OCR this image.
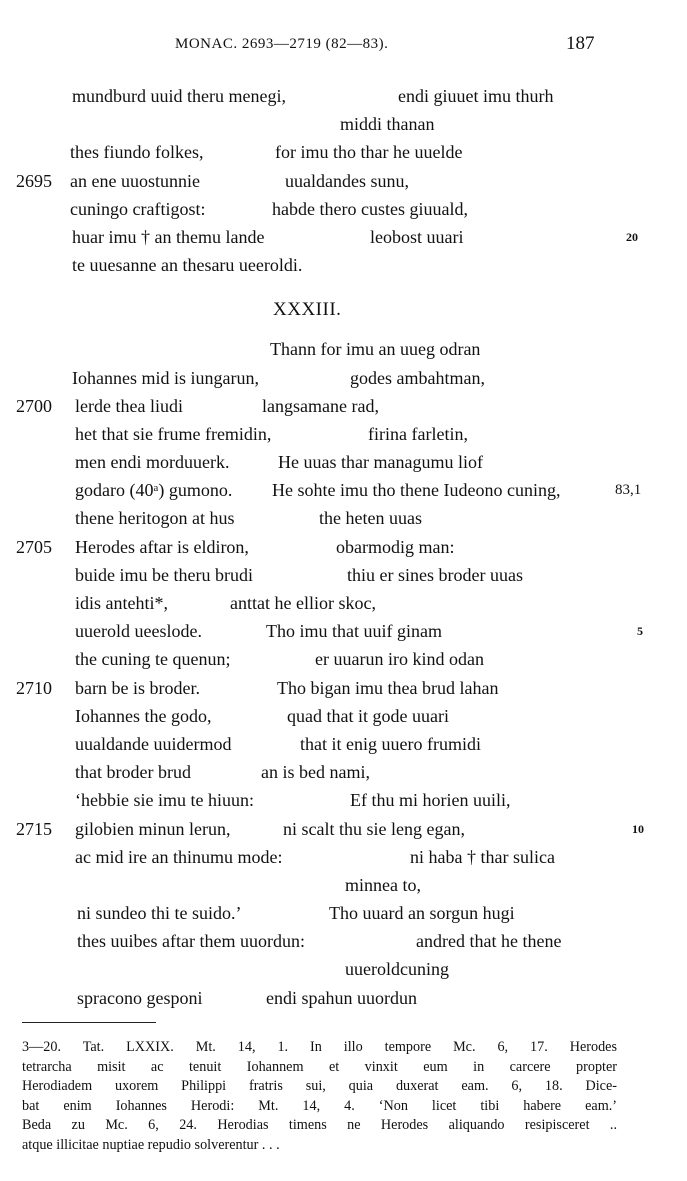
MONAC. 2693—2719 (82—83).	187
mundburd uuid theru menegi,	endi giuuet imu thurh
middi thanan
thes fiundo folkes,	for imu tho thar he uuelde
2695 an ene uuostunnie	uualdandes sunu,
cuningo craftigost:	habde thero custes giuuald,
huar imu † an themu lande	leobost uuari	20
te uuesanne an thesaru ueeroldi.
XXXIII.
Thann for imu an uueg odran
Iohannes mid is iungarun,	godes ambahtman,
2700 lerde thea liudi	langsamane rad,
het that sie frume fremidin,	firina farletin,
men endi morduuerk.	He uuas thar managumu liof
godaro (40ᵃ) gumono. He sohte imu tho thene Iudeono cuning,	83,1
thene heritogon at hus	the heten uuas
2705 Herodes aftar is eldiron,	obarmodig man:
buide imu be theru brudi	thiu er sines broder uuas
idis antehti*,	anttat he ellior skoc,
uuerold ueeslode.	Tho imu that uuif ginam	5
the cuning te quenun;	er uuarun iro kind odan
2710 barn be is broder.	Tho bigan imu thea brud lahan
Iohannes the godo,	quad that it gode uuari
uualdande uuidermod	that it enig uuero frumidi
that broder brud	an is bed nami,
‘hebbie sie imu te hiuun:	Ef thu mi horien uuili,
2715 gilobien minun lerun,	ni scalt thu sie leng egan,	10
ac mid ire an thinumu mode:	ni haba † thar sulica
minnea to,
ni sundeo thi te suido.’	Tho uuard an sorgun hugi
thes uuibes aftar them uuordun:	andred that he thene
uueroldcuning
spracono gesponi	endi spahun uuordun
3—20. Tat. LXXIX. Mt. 14, 1. In illo tempore Mc. 6, 17. Herodes
tetrarcha misit ac tenuit Iohannem et vinxit eum in carcere propter
Herodiadem uxorem Philippi fratris sui, quia duxerat eam. 6, 18. Dice-
bat enim Iohannes Herodi: Mt. 14, 4. ‘Non licet tibi habere eam.’
Beda zu Mc. 6, 24. Herodias timens ne Herodes aliquando resipisceret ..
atque illicitae nuptiae repudio solverentur . . .
